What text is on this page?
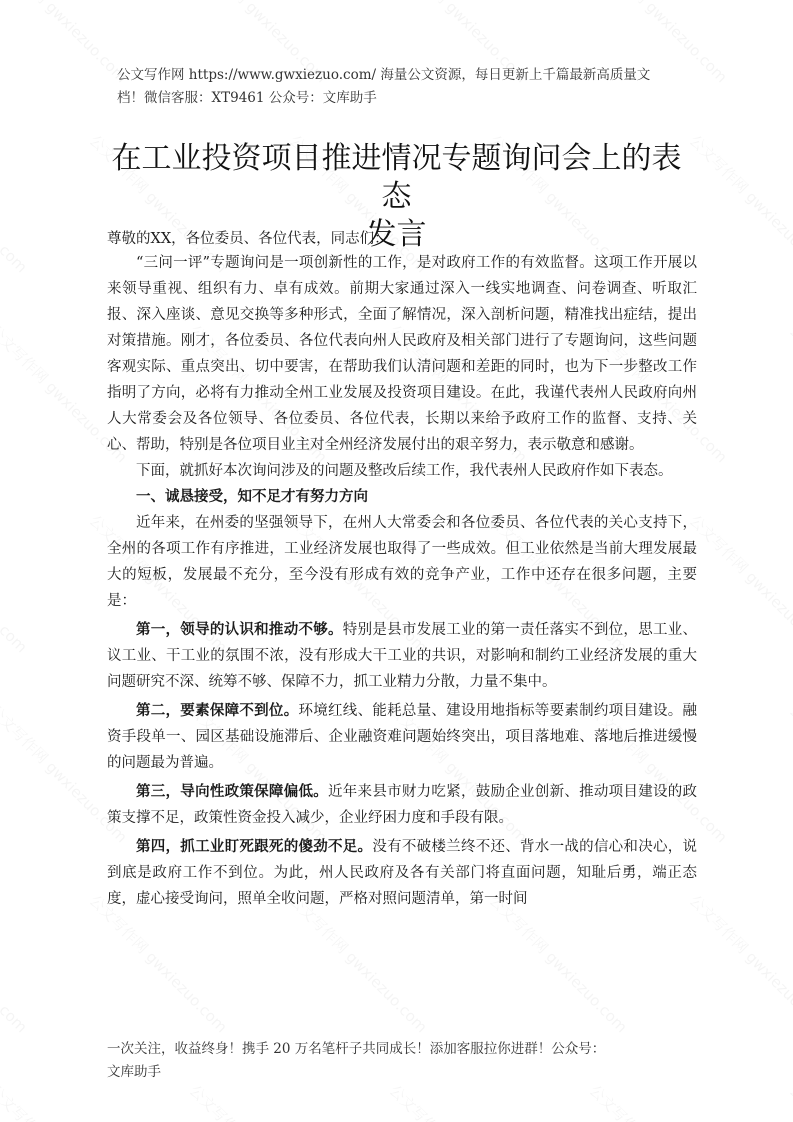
公文写作网 https://www.gwxiezuo.com/ 海量公文资源，每日更新上千篇最新高质量文
档！微信客服：XT9461 公众号：文库助手
在工业投资项目推进情况专题询问会上的表态
发言

尊敬的XX，各位委员、各位代表，同志们：

“三问一评”专题询问是一项创新性的工作，是对政府工作的有效监督。这项工作开展以来领导重视、组织有力、卓有成效。前期大家通过深入一线实地调查、问卷调查、听取汇报、深入座谈、意见交换等多种形式，全面了解情况，深入剖析问题，精准找出症结，提出对策措施。刚才，各位委员、各位代表向州人民政府及相关部门进行了专题询问，这些问题客观实际、重点突出、切中要害，在帮助我们认清问题和差距的同时，也为下一步整改工作指明了方向，必将有力推动全州工业发展及投资项目建设。在此，我谨代表州人民政府向州人大常委会及各位领导、各位委员、各位代表，长期以来给予政府工作的监督、支持、关心、帮助，特别是各位项目业主对全州经济发展付出的艰辛努力，表示敬意和感谢。

下面，就抓好本次询问涉及的问题及整改后续工作，我代表州人民政府作如下表态。

一、诚恳接受，知不足才有努力方向

近年来，在州委的坚强领导下，在州人大常委会和各位委员、各位代表的关心支持下，全州的各项工作有序推进，工业经济发展也取得了一些成效。但工业依然是当前大理发展最大的短板，发展最不充分，至今没有形成有效的竞争产业，工作中还存在很多问题，主要是：

第一，领导的认识和推动不够。特别是县市发展工业的第一责任落实不到位，思工业、议工业、干工业的氛围不浓，没有形成大干工业的共识，对影响和制约工业经济发展的重大问题研究不深、统筹不够、保障不力，抓工业精力分散，力量不集中。

第二，要素保障不到位。环境红线、能耗总量、建设用地指标等要素制约项目建设。融资手段单一、园区基础设施滞后、企业融资难问题始终突出，项目落地难、落地后推进缓慢的问题最为普遍。

第三，导向性政策保障偏低。近年来县市财力吃紧，鼓励企业创新、推动项目建设的政策支撑不足，政策性资金投入减少，企业纾困力度和手段有限。

第四，抓工业盯死跟死的傻劲不足。没有不破楼兰终不还、背水一战的信心和决心，说到底是政府工作不到位。为此，州人民政府及各有关部门将直面问题，知耻后勇，端正态度，虚心接受询问，照单全收问题，严格对照问题清单，第一时间

一次关注，收益终身！携手 20 万名笔杆子共同成长！添加客服拉你进群！公众号：
文库助手
